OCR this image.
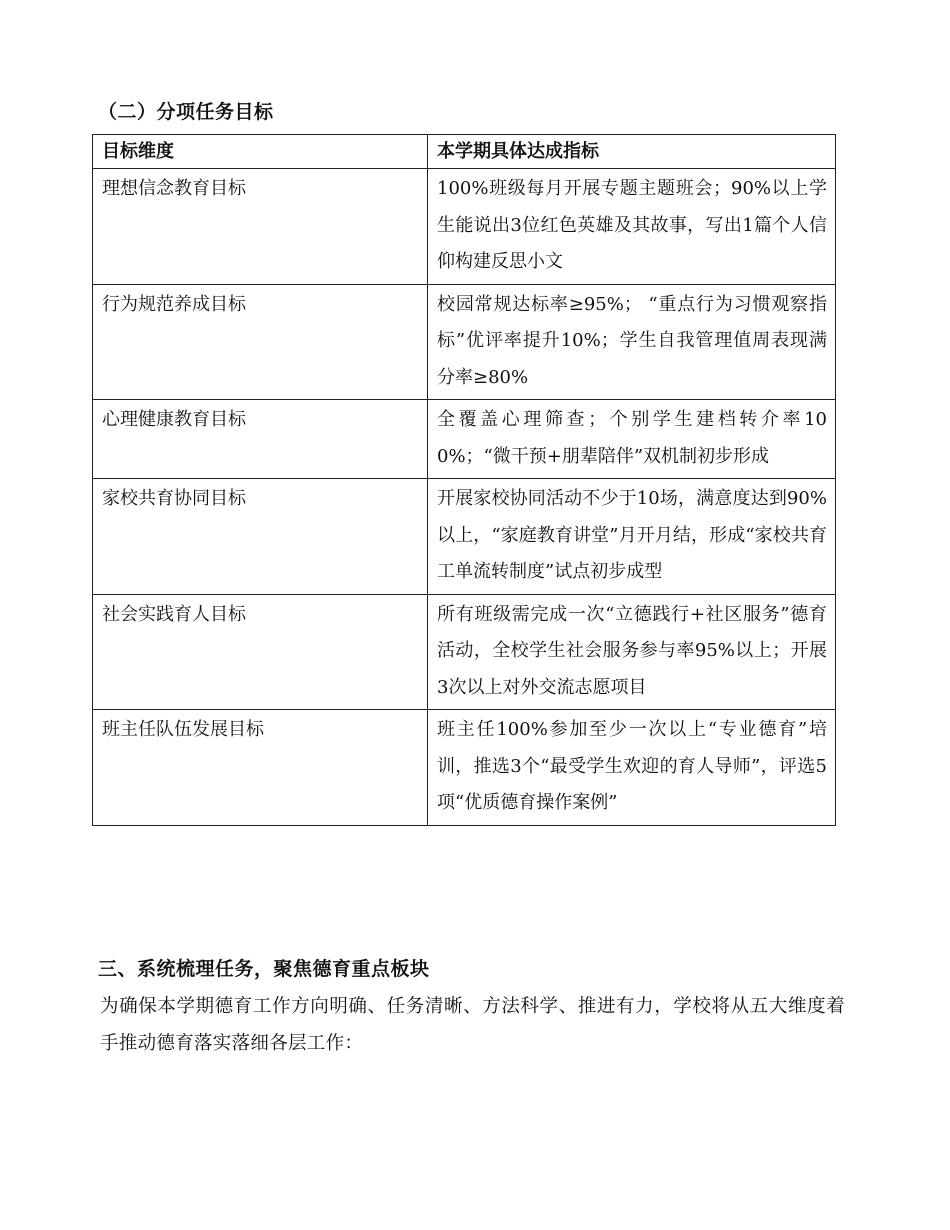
（二）分项任务目标
目标维度	本学期具体达成指标
理想信念教育目标	100%班级每月开展专题主题班会；90%以上学生能说出3位红色英雄及其故事，写出1篇个人信仰构建反思小文
行为规范养成目标	校园常规达标率≥95%； “重点行为习惯观察指标”优评率提升10%；学生自我管理值周表现满分率≥80%
心理健康教育目标	全覆盖心理筛查；个别学生建档转介率100%；“微干预+朋辈陪伴”双机制初步形成
家校共育协同目标	开展家校协同活动不少于10场，满意度达到90%以上，“家庭教育讲堂”月开月结，形成“家校共育工单流转制度”试点初步成型
社会实践育人目标	所有班级需完成一次“立德践行+社区服务”德育活动，全校学生社会服务参与率95%以上；开展3次以上对外交流志愿项目
班主任队伍发展目标	班主任100%参加至少一次以上“专业德育”培训，推选3个“最受学生欢迎的育人导师”，评选5项“优质德育操作案例”
三、系统梳理任务，聚焦德育重点板块
为确保本学期德育工作方向明确、任务清晰、方法科学、推进有力，学校将从五大维度着手推动德育落实落细各层工作：
